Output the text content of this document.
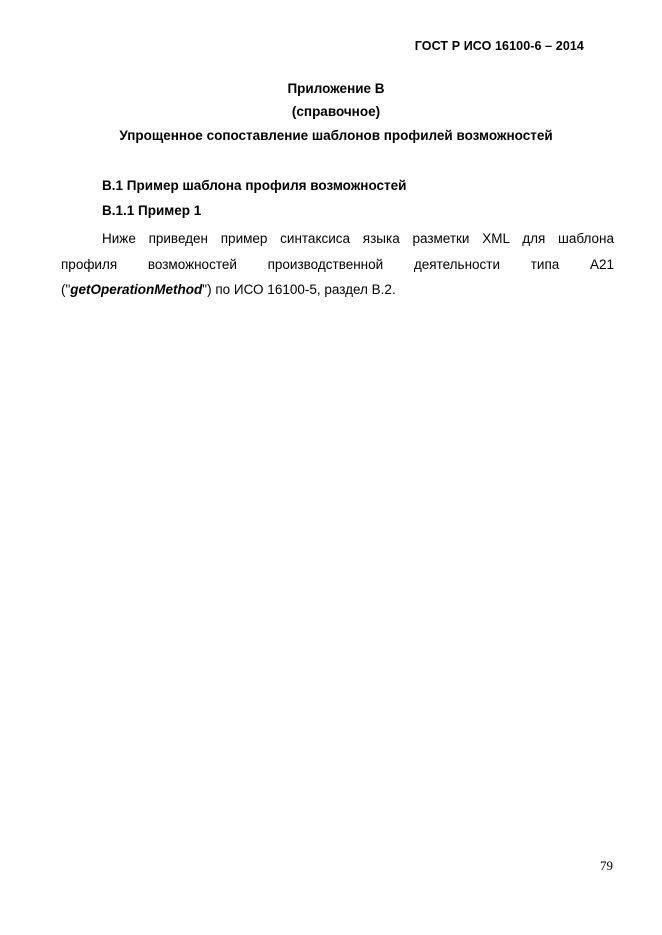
ГОСТ Р ИСО 16100-6 – 2014
Приложение В
(справочное)
Упрощенное сопоставление шаблонов профилей возможностей
В.1 Пример шаблона профиля возможностей
В.1.1 Пример 1
Ниже приведен пример синтаксиса языка разметки XML для шаблона
профиля возможностей производственной деятельности типа А21
("getOperationMethod") по ИСО 16100-5, раздел В.2.
79
